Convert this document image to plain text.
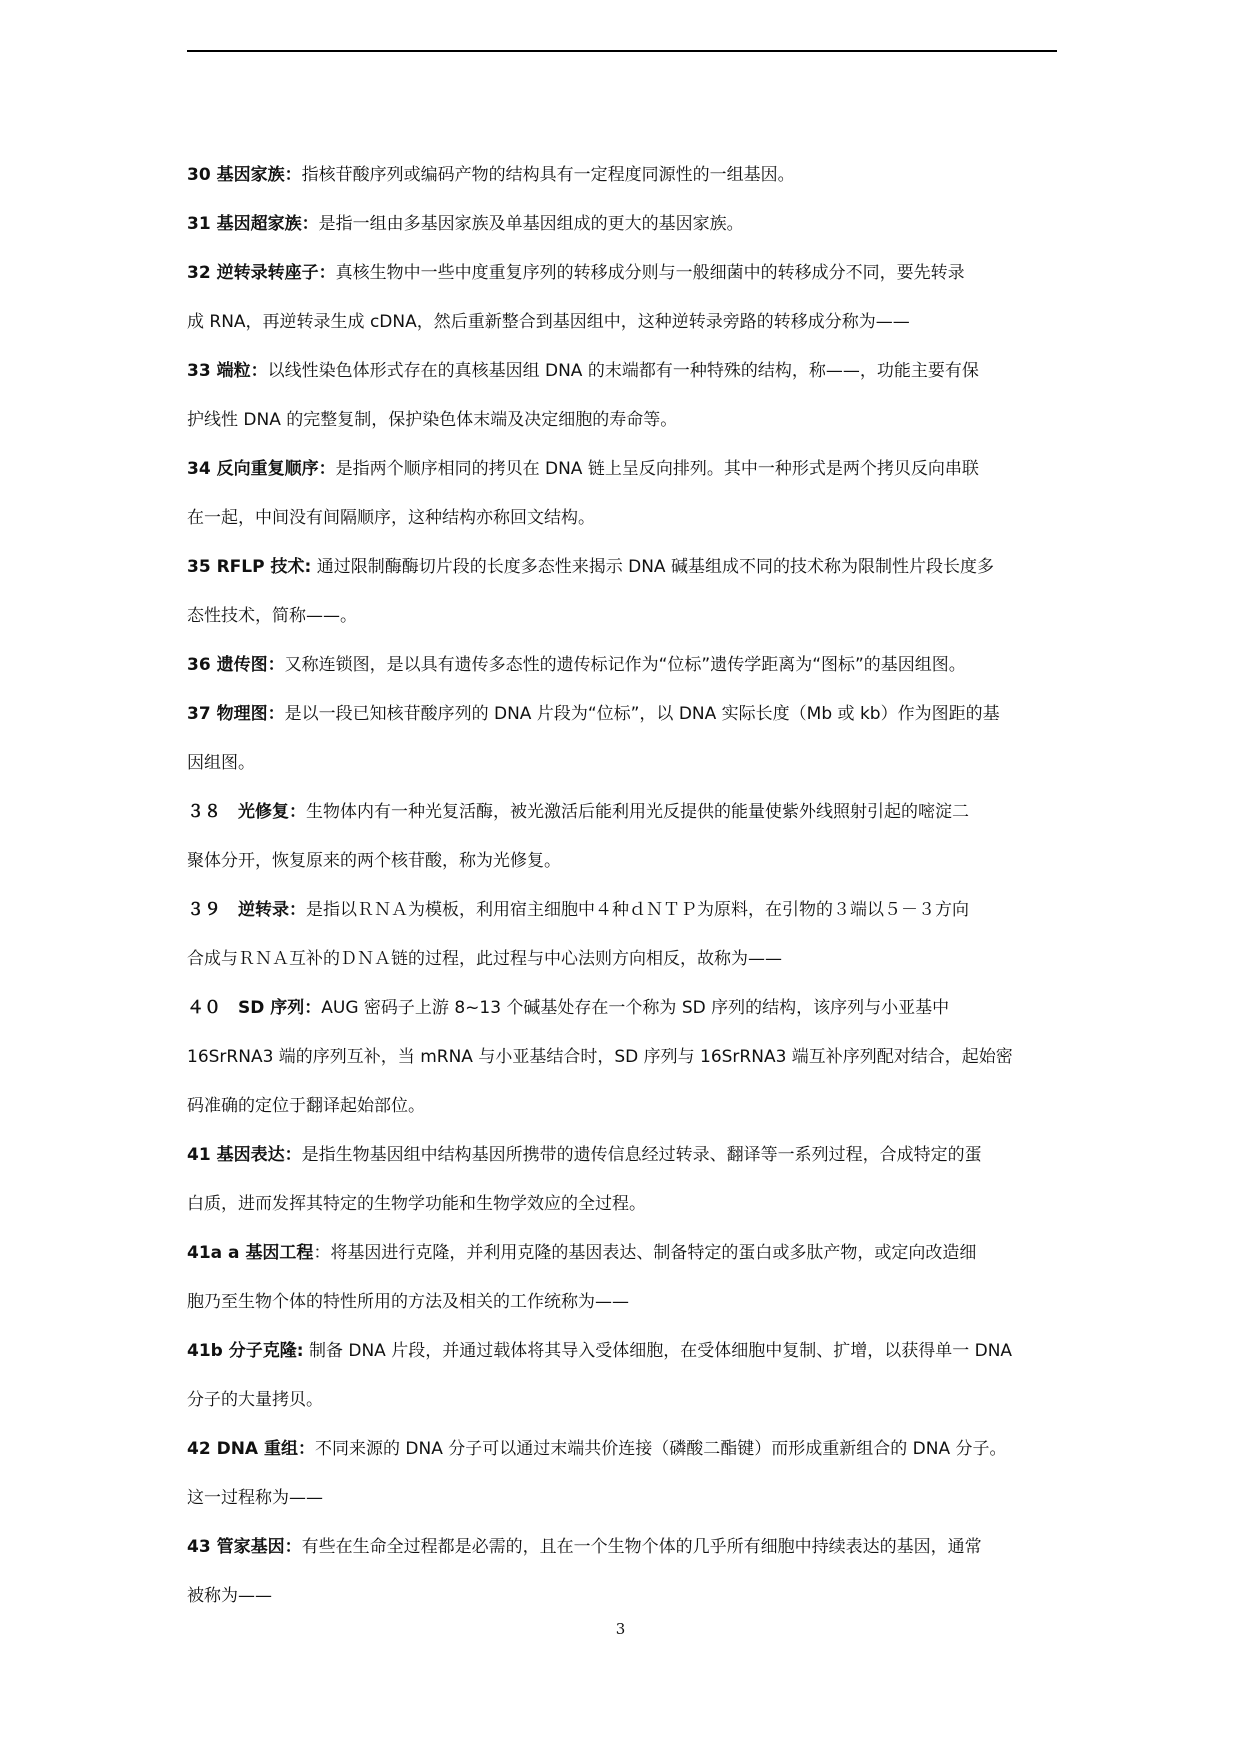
30 基因家族：指核苷酸序列或编码产物的结构具有一定程度同源性的一组基因。
31 基因超家族：是指一组由多基因家族及单基因组成的更大的基因家族。
32 逆转录转座子：真核生物中一些中度重复序列的转移成分则与一般细菌中的转移成分不同，要先转录
成 RNA，再逆转录生成 cDNA，然后重新整合到基因组中，这种逆转录旁路的转移成分称为——
33 端粒：以线性染色体形式存在的真核基因组 DNA 的末端都有一种特殊的结构，称——，功能主要有保
护线性 DNA 的完整复制，保护染色体末端及决定细胞的寿命等。
34 反向重复顺序：是指两个顺序相同的拷贝在 DNA 链上呈反向排列。其中一种形式是两个拷贝反向串联
在一起，中间没有间隔顺序，这种结构亦称回文结构。
35 RFLP 技术: 通过限制酶酶切片段的长度多态性来揭示 DNA 碱基组成不同的技术称为限制性片段长度多
态性技术，简称——。
36 遗传图：又称连锁图，是以具有遗传多态性的遗传标记作为“位标”遗传学距离为“图标”的基因组图。
37 物理图：是以一段已知核苷酸序列的 DNA 片段为“位标”，以 DNA 实际长度（Mb 或 kb）作为图距的基
因组图。
３８　光修复：生物体内有一种光复活酶，被光激活后能利用光反提供的能量使紫外线照射引起的嘧淀二
聚体分开，恢复原来的两个核苷酸，称为光修复。
３９　逆转录：是指以ＲＮＡ为模板，利用宿主细胞中４种ｄＮＴＰ为原料，在引物的３端以５－３方向
合成与ＲＮＡ互补的ＤＮＡ链的过程，此过程与中心法则方向相反，故称为——
４０　SD 序列：AUG 密码子上游 8~13 个碱基处存在一个称为 SD 序列的结构，该序列与小亚基中
16SrRNA3 端的序列互补，当 mRNA 与小亚基结合时，SD 序列与 16SrRNA3 端互补序列配对结合，起始密
码准确的定位于翻译起始部位。
41 基因表达：是指生物基因组中结构基因所携带的遗传信息经过转录、翻译等一系列过程，合成特定的蛋
白质，进而发挥其特定的生物学功能和生物学效应的全过程。
41a a 基因工程：将基因进行克隆，并利用克隆的基因表达、制备特定的蛋白或多肽产物，或定向改造细
胞乃至生物个体的特性所用的方法及相关的工作统称为——
41b 分子克隆: 制备 DNA 片段，并通过载体将其导入受体细胞，在受体细胞中复制、扩增，以获得单一 DNA
分子的大量拷贝。
42 DNA 重组：不同来源的 DNA 分子可以通过末端共价连接（磷酸二酯键）而形成重新组合的 DNA 分子。
这一过程称为——
43 管家基因：有些在生命全过程都是必需的，且在一个生物个体的几乎所有细胞中持续表达的基因，通常
被称为——
3
